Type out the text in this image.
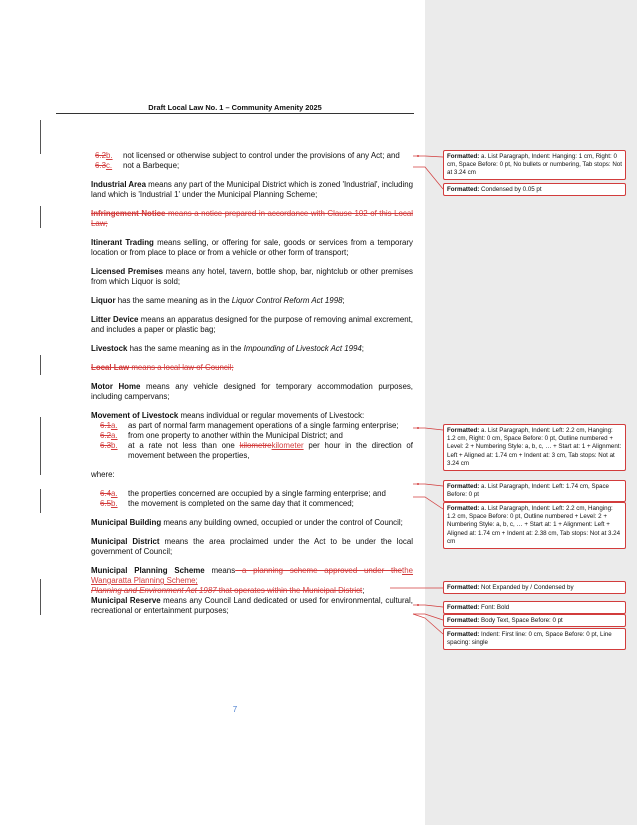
Draft Local Law No. 1 – Community Amenity 2025
6.2b.	not licensed or otherwise subject to control under the provisions of any Act; and
6.3c.	not a Barbeque;
Industrial Area means any part of the Municipal District which is zoned 'Industrial', including land which is 'Industrial 1' under the Municipal Planning Scheme;
Infringement Notice means a notice prepared in accordance with Clause 102 of this Local Law;
Itinerant Trading means selling, or offering for sale, goods or services from a temporary location or from place to place or from a vehicle or other form of transport;
Licensed Premises means any hotel, tavern, bottle shop, bar, nightclub or other premises from which Liquor is sold;
Liquor has the same meaning as in the Liquor Control Reform Act 1998;
Litter Device means an apparatus designed for the purpose of removing animal excrement, and includes a paper or plastic bag;
Livestock has the same meaning as in the Impounding of Livestock Act 1994;
Local Law means a local law of Council;
Motor Home means any vehicle designed for temporary accommodation purposes, including campervans;
Movement of Livestock means individual or regular movements of Livestock:
6.1a.	as part of normal farm management operations of a single farming enterprise;
6.2a.	from one property to another within the Municipal District; and
6.3b.	at a rate not less than one kilometrekilometer per hour in the direction of movement between the properties,
where:
6.4a.	the properties concerned are occupied by a single farming enterprise; and
6.5b.	the movement is completed on the same day that it commenced;
Municipal Building means any building owned, occupied or under the control of Council;
Municipal District means the area proclaimed under the Act to be under the local government of Council;
Municipal Planning Scheme means a planning scheme approved under thethe Wangaratta Planning Scheme;
Planning and Environment Act 1987 that operates within the Municipal District;
Municipal Reserve means any Council Land dedicated or used for environmental, cultural, recreational or entertainment purposes;
7
Formatted: a. List Paragraph, Indent: Hanging: 1 cm, Right: 0 cm, Space Before: 0 pt, No bullets or numbering, Tab stops: Not at 3.24 cm
Formatted: Condensed by 0.05 pt
Formatted: a. List Paragraph, Indent: Left: 2.2 cm, Hanging: 1.2 cm, Right: 0 cm, Space Before: 0 pt, Outline numbered + Level: 2 + Numbering Style: a, b, c, … + Start at: 1 + Alignment: Left + Aligned at: 1.74 cm + Indent at: 3 cm, Tab stops: Not at 3.24 cm
Formatted: a. List Paragraph, Indent: Left: 1.74 cm, Space Before: 0 pt
Formatted: a. List Paragraph, Indent: Left: 2.2 cm, Hanging: 1.2 cm, Space Before: 0 pt, Outline numbered + Level: 2 + Numbering Style: a, b, c, … + Start at: 1 + Alignment: Left + Aligned at: 1.74 cm + Indent at: 2.38 cm, Tab stops: Not at 3.24 cm
Formatted: Not Expanded by / Condensed by
Formatted: Font: Bold
Formatted: Body Text, Space Before: 0 pt
Formatted: Indent: First line: 0 cm, Space Before: 0 pt, Line spacing: single
